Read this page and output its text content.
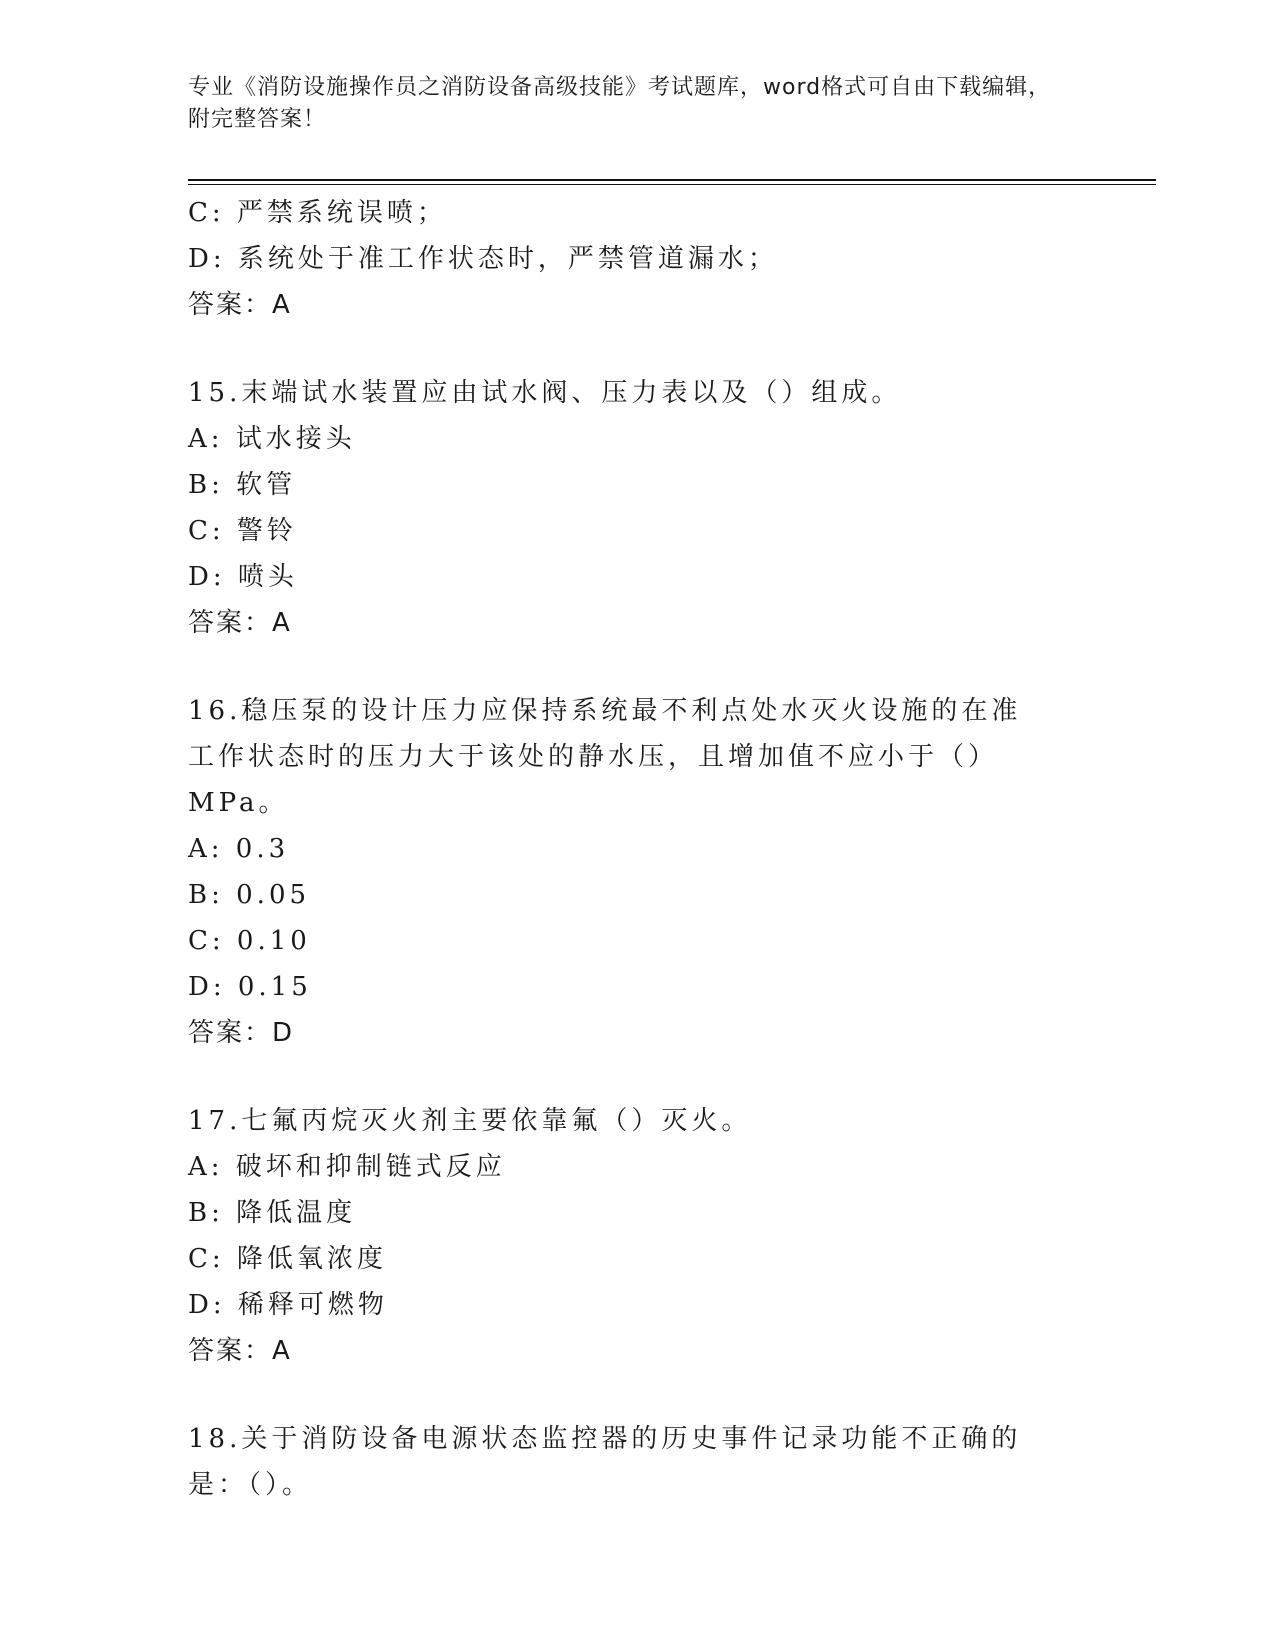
专业《消防设施操作员之消防设备高级技能》考试题库，word格式可自由下载编辑，附完整答案！
C: 严禁系统误喷；
D: 系统处于准工作状态时，严禁管道漏水；
答案：A
15.末端试水装置应由试水阀、压力表以及（）组成。
A: 试水接头
B: 软管
C: 警铃
D: 喷头
答案：A
16.稳压泵的设计压力应保持系统最不利点处水灭火设施的在准工作状态时的压力大于该处的静水压，且增加值不应小于（）MPa。
A: 0.3
B: 0.05
C: 0.10
D: 0.15
答案：D
17.七氟丙烷灭火剂主要依靠氟（）灭火。
A: 破坏和抑制链式反应
B: 降低温度
C: 降低氧浓度
D: 稀释可燃物
答案：A
18.关于消防设备电源状态监控器的历史事件记录功能不正确的是：（）。
